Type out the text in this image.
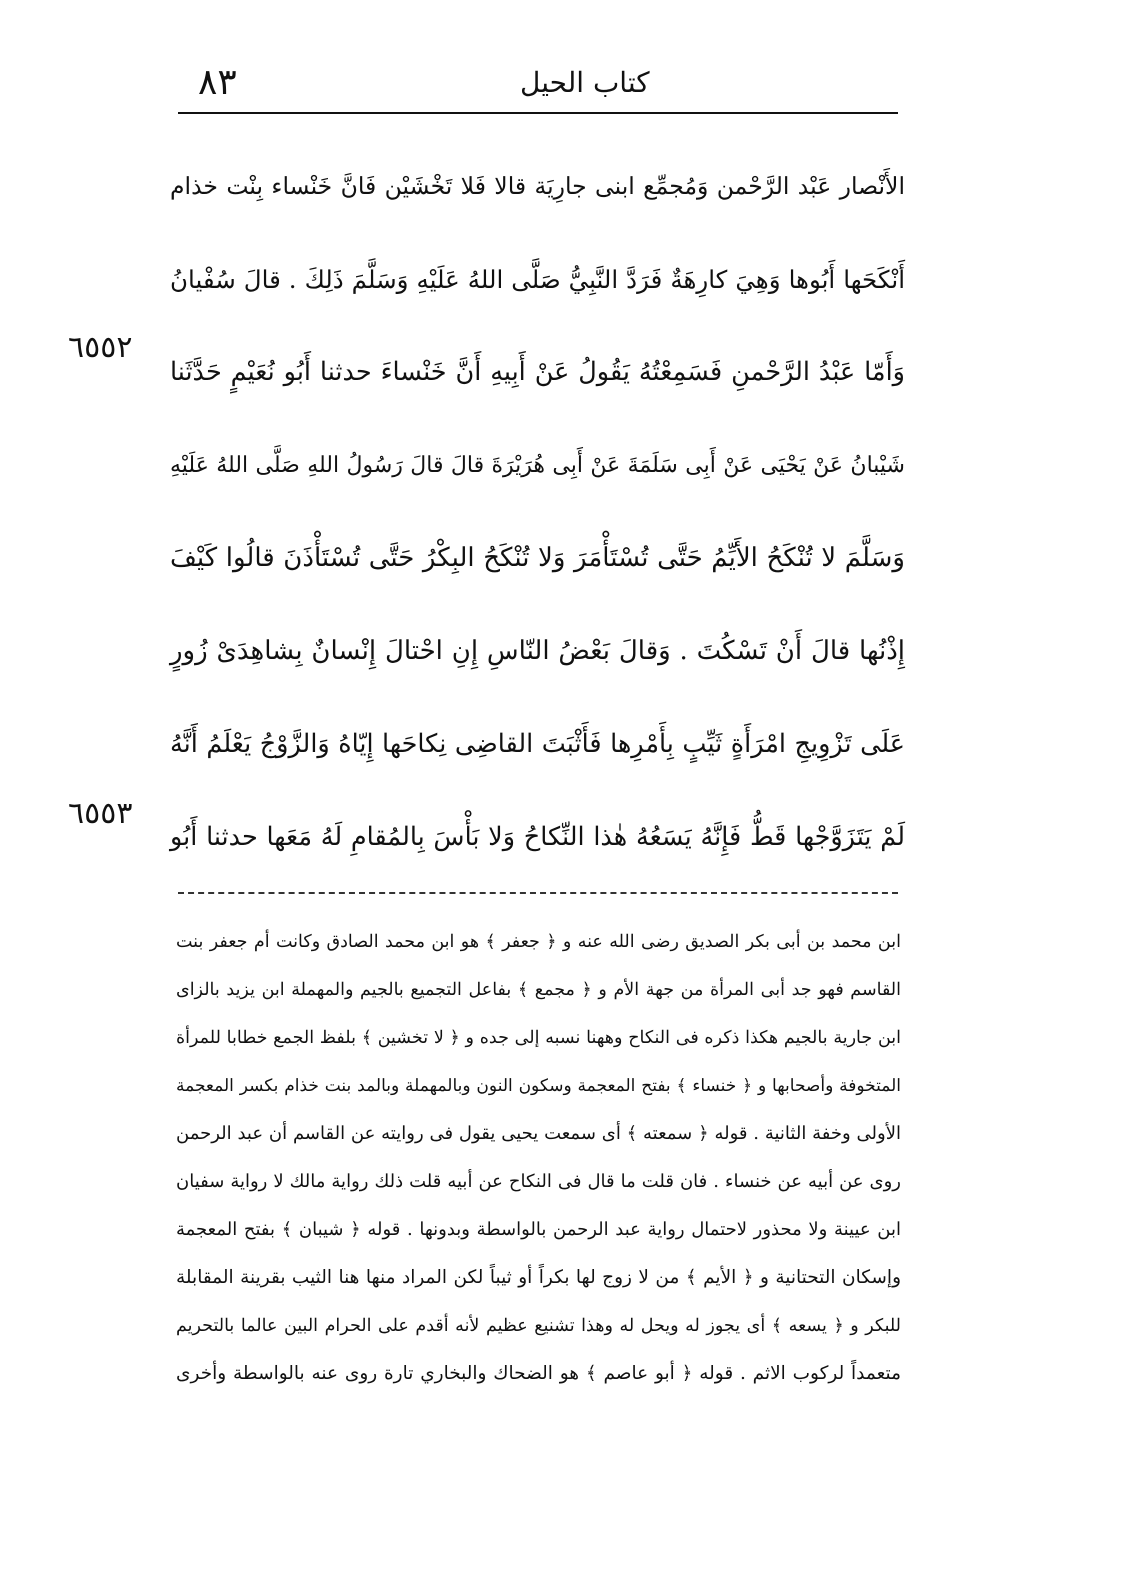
٨٣	كتاب الحيل
الأَنْصار عَبْد الرَّحْمن وَمُجمِّع ابنى جارِيَة قالا فَلا تَخْشَيْن فَانَّ خَنْساء بِنْت خذام
أَنْكَحَها أَبُوها وَهِيَ كارِهَةٌ فَرَدَّ النَّبِيُّ صَلَّى اللهُ عَلَيْهِ وَسَلَّمَ ذَلِكَ . قالَ سُفْيانُ
وَأَمّا عَبْدُ الرَّحْمنِ فَسَمِعْتُهُ يَقُولُ عَنْ أَبِيهِ أَنَّ خَنْساءَ حدثنا أَبُو نُعَيْمٍ حَدَّثَنا
شَيْبانُ عَنْ يَحْيَى عَنْ أَبِى سَلَمَةَ عَنْ أَبِى هُرَيْرَةَ قالَ قالَ رَسُولُ اللهِ صَلَّى اللهُ عَلَيْهِ
وَسَلَّمَ لا تُنْكَحُ الأَيِّمُ حَتَّى تُسْتَأْمَرَ وَلا تُنْكَحُ البِكْرُ حَتَّى تُسْتَأْذَنَ قالُوا كَيْفَ
إِذْنُها قالَ أَنْ تَسْكُتَ . وَقالَ بَعْضُ النّاسِ إِنِ احْتالَ إِنْسانٌ بِشاهِدَىْ زُورٍ
عَلَى تَزْوِيجِ امْرَأَةٍ ثَيِّبٍ بِأَمْرِها فَأَثْبَتَ القاضِى نِكاحَها إِيّاهُ وَالزَّوْجُ يَعْلَمُ أَنَّهُ
لَمْ يَتَزَوَّجْها قَطُّ فَإِنَّهُ يَسَعُهُ هٰذا النِّكاحُ وَلا بَأْسَ بِالمُقامِ لَهُ مَعَها حدثنا أَبُو
٦٥٥٢
٦٥٥٣
ابن محمد بن أبى بكر الصديق رضى الله عنه و ﴿ جعفر ﴾ هو ابن محمد الصادق وكانت أم جعفر بنت
القاسم فهو جد أبى المرأة من جهة الأم و ﴿ مجمع ﴾ بفاعل التجميع بالجيم والمهملة ابن يزيد بالزاى
ابن جارية بالجيم هكذا ذكره فى النكاح وههنا نسبه إلى جده و ﴿ لا تخشين ﴾ بلفظ الجمع خطابا للمرأة
المتخوفة وأصحابها و ﴿ خنساء ﴾ بفتح المعجمة وسكون النون وبالمهملة وبالمد بنت خذام بكسر المعجمة
الأولى وخفة الثانية . قوله ﴿ سمعته ﴾ أى سمعت يحيى يقول فى روايته عن القاسم أن عبد الرحمن
روى عن أبيه عن خنساء . فان قلت ما قال فى النكاح عن أبيه قلت ذلك رواية مالك لا رواية سفيان
ابن عيينة ولا محذور لاحتمال رواية عبد الرحمن بالواسطة وبدونها . قوله ﴿ شيبان ﴾ بفتح المعجمة
وإسكان التحتانية و ﴿ الأيم ﴾ من لا زوج لها بكراً أو ثيباً لكن المراد منها هنا الثيب بقرينة المقابلة
للبكر و ﴿ يسعه ﴾ أى يجوز له ويحل له وهذا تشنيع عظيم لأنه أقدم على الحرام البين عالما بالتحريم
متعمداً لركوب الاثم . قوله ﴿ أبو عاصم ﴾ هو الضحاك والبخاري تارة روى عنه بالواسطة وأخرى
